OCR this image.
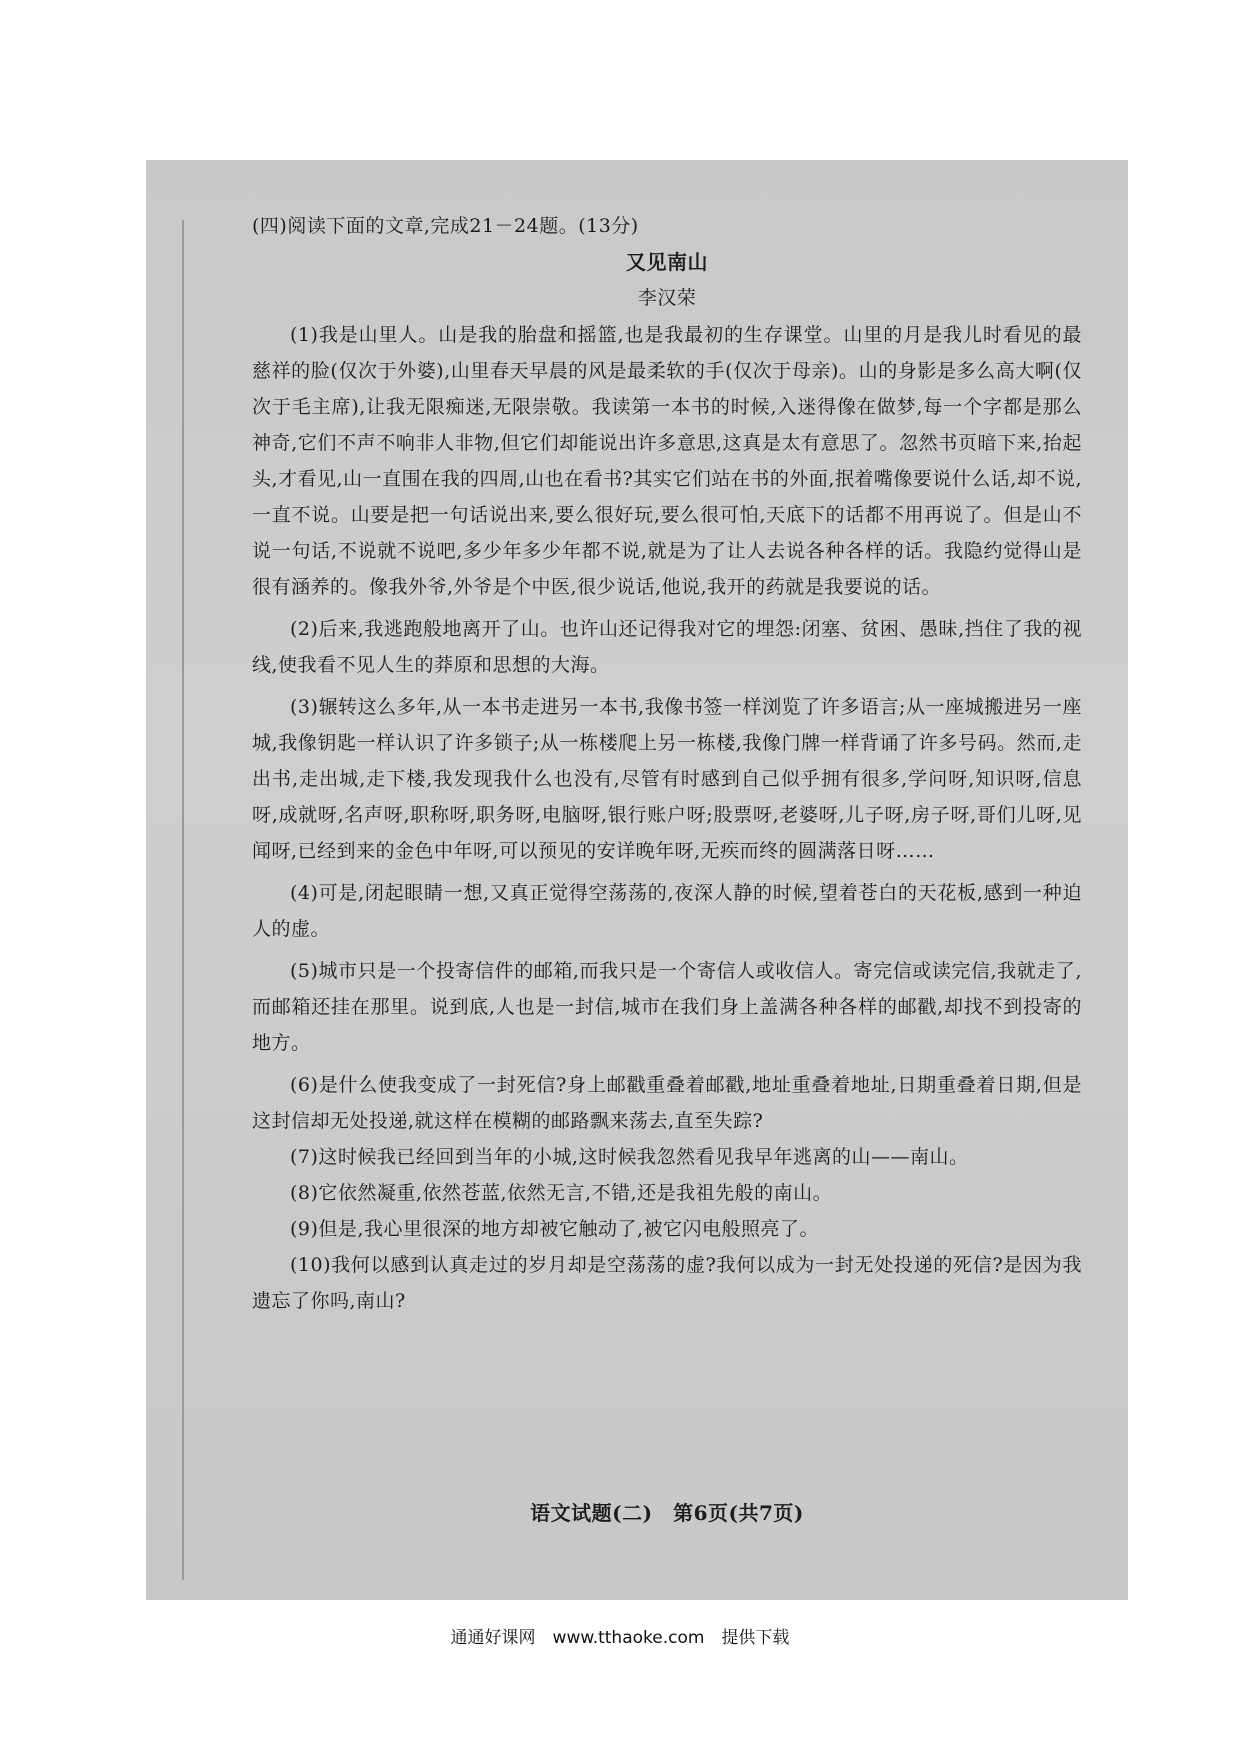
(四)阅读下面的文章,完成21－24题。(13分)
又见南山
李汉荣

(1)我是山里人。山是我的胎盘和摇篮,也是我最初的生存课堂。山里的月是我儿时看见的最慈祥的脸(仅次于外婆),山里春天早晨的风是最柔软的手(仅次于母亲)。山的身影是多么高大啊(仅次于毛主席),让我无限痴迷,无限崇敬。我读第一本书的时候,入迷得像在做梦,每一个字都是那么神奇,它们不声不响非人非物,但它们却能说出许多意思,这真是太有意思了。忽然书页暗下来,抬起头,才看见,山一直围在我的四周,山也在看书?其实它们站在书的外面,抿着嘴像要说什么话,却不说,一直不说。山要是把一句话说出来,要么很好玩,要么很可怕,天底下的话都不用再说了。但是山不说一句话,不说就不说吧,多少年多少年都不说,就是为了让人去说各种各样的话。我隐约觉得山是很有涵养的。像我外爷,外爷是个中医,很少说话,他说,我开的药就是我要说的话。

(2)后来,我逃跑般地离开了山。也许山还记得我对它的埋怨:闭塞、贫困、愚昧,挡住了我的视线,使我看不见人生的莽原和思想的大海。

(3)辗转这么多年,从一本书走进另一本书,我像书签一样浏览了许多语言;从一座城搬进另一座城,我像钥匙一样认识了许多锁子;从一栋楼爬上另一栋楼,我像门牌一样背诵了许多号码。然而,走出书,走出城,走下楼,我发现我什么也没有,尽管有时感到自己似乎拥有很多,学问呀,知识呀,信息呀,成就呀,名声呀,职称呀,职务呀,电脑呀,银行账户呀;股票呀,老婆呀,儿子呀,房子呀,哥们儿呀,见闻呀,已经到来的金色中年呀,可以预见的安详晚年呀,无疾而终的圆满落日呀……

(4)可是,闭起眼睛一想,又真正觉得空荡荡的,夜深人静的时候,望着苍白的天花板,感到一种迫人的虚。

(5)城市只是一个投寄信件的邮箱,而我只是一个寄信人或收信人。寄完信或读完信,我就走了,而邮箱还挂在那里。说到底,人也是一封信,城市在我们身上盖满各种各样的邮戳,却找不到投寄的地方。

(6)是什么使我变成了一封死信?身上邮戳重叠着邮戳,地址重叠着地址,日期重叠着日期,但是这封信却无处投递,就这样在模糊的邮路飘来荡去,直至失踪?

(7)这时候我已经回到当年的小城,这时候我忽然看见我早年逃离的山——南山。

(8)它依然凝重,依然苍蓝,依然无言,不错,还是我祖先般的南山。

(9)但是,我心里很深的地方却被它触动了,被它闪电般照亮了。

(10)我何以感到认真走过的岁月却是空荡荡的虚?我何以成为一封无处投递的死信?是因为我遗忘了你吗,南山?

语文试题(二)　第6页(共7页)
通通好课网　www.tthaoke.com　提供下载
